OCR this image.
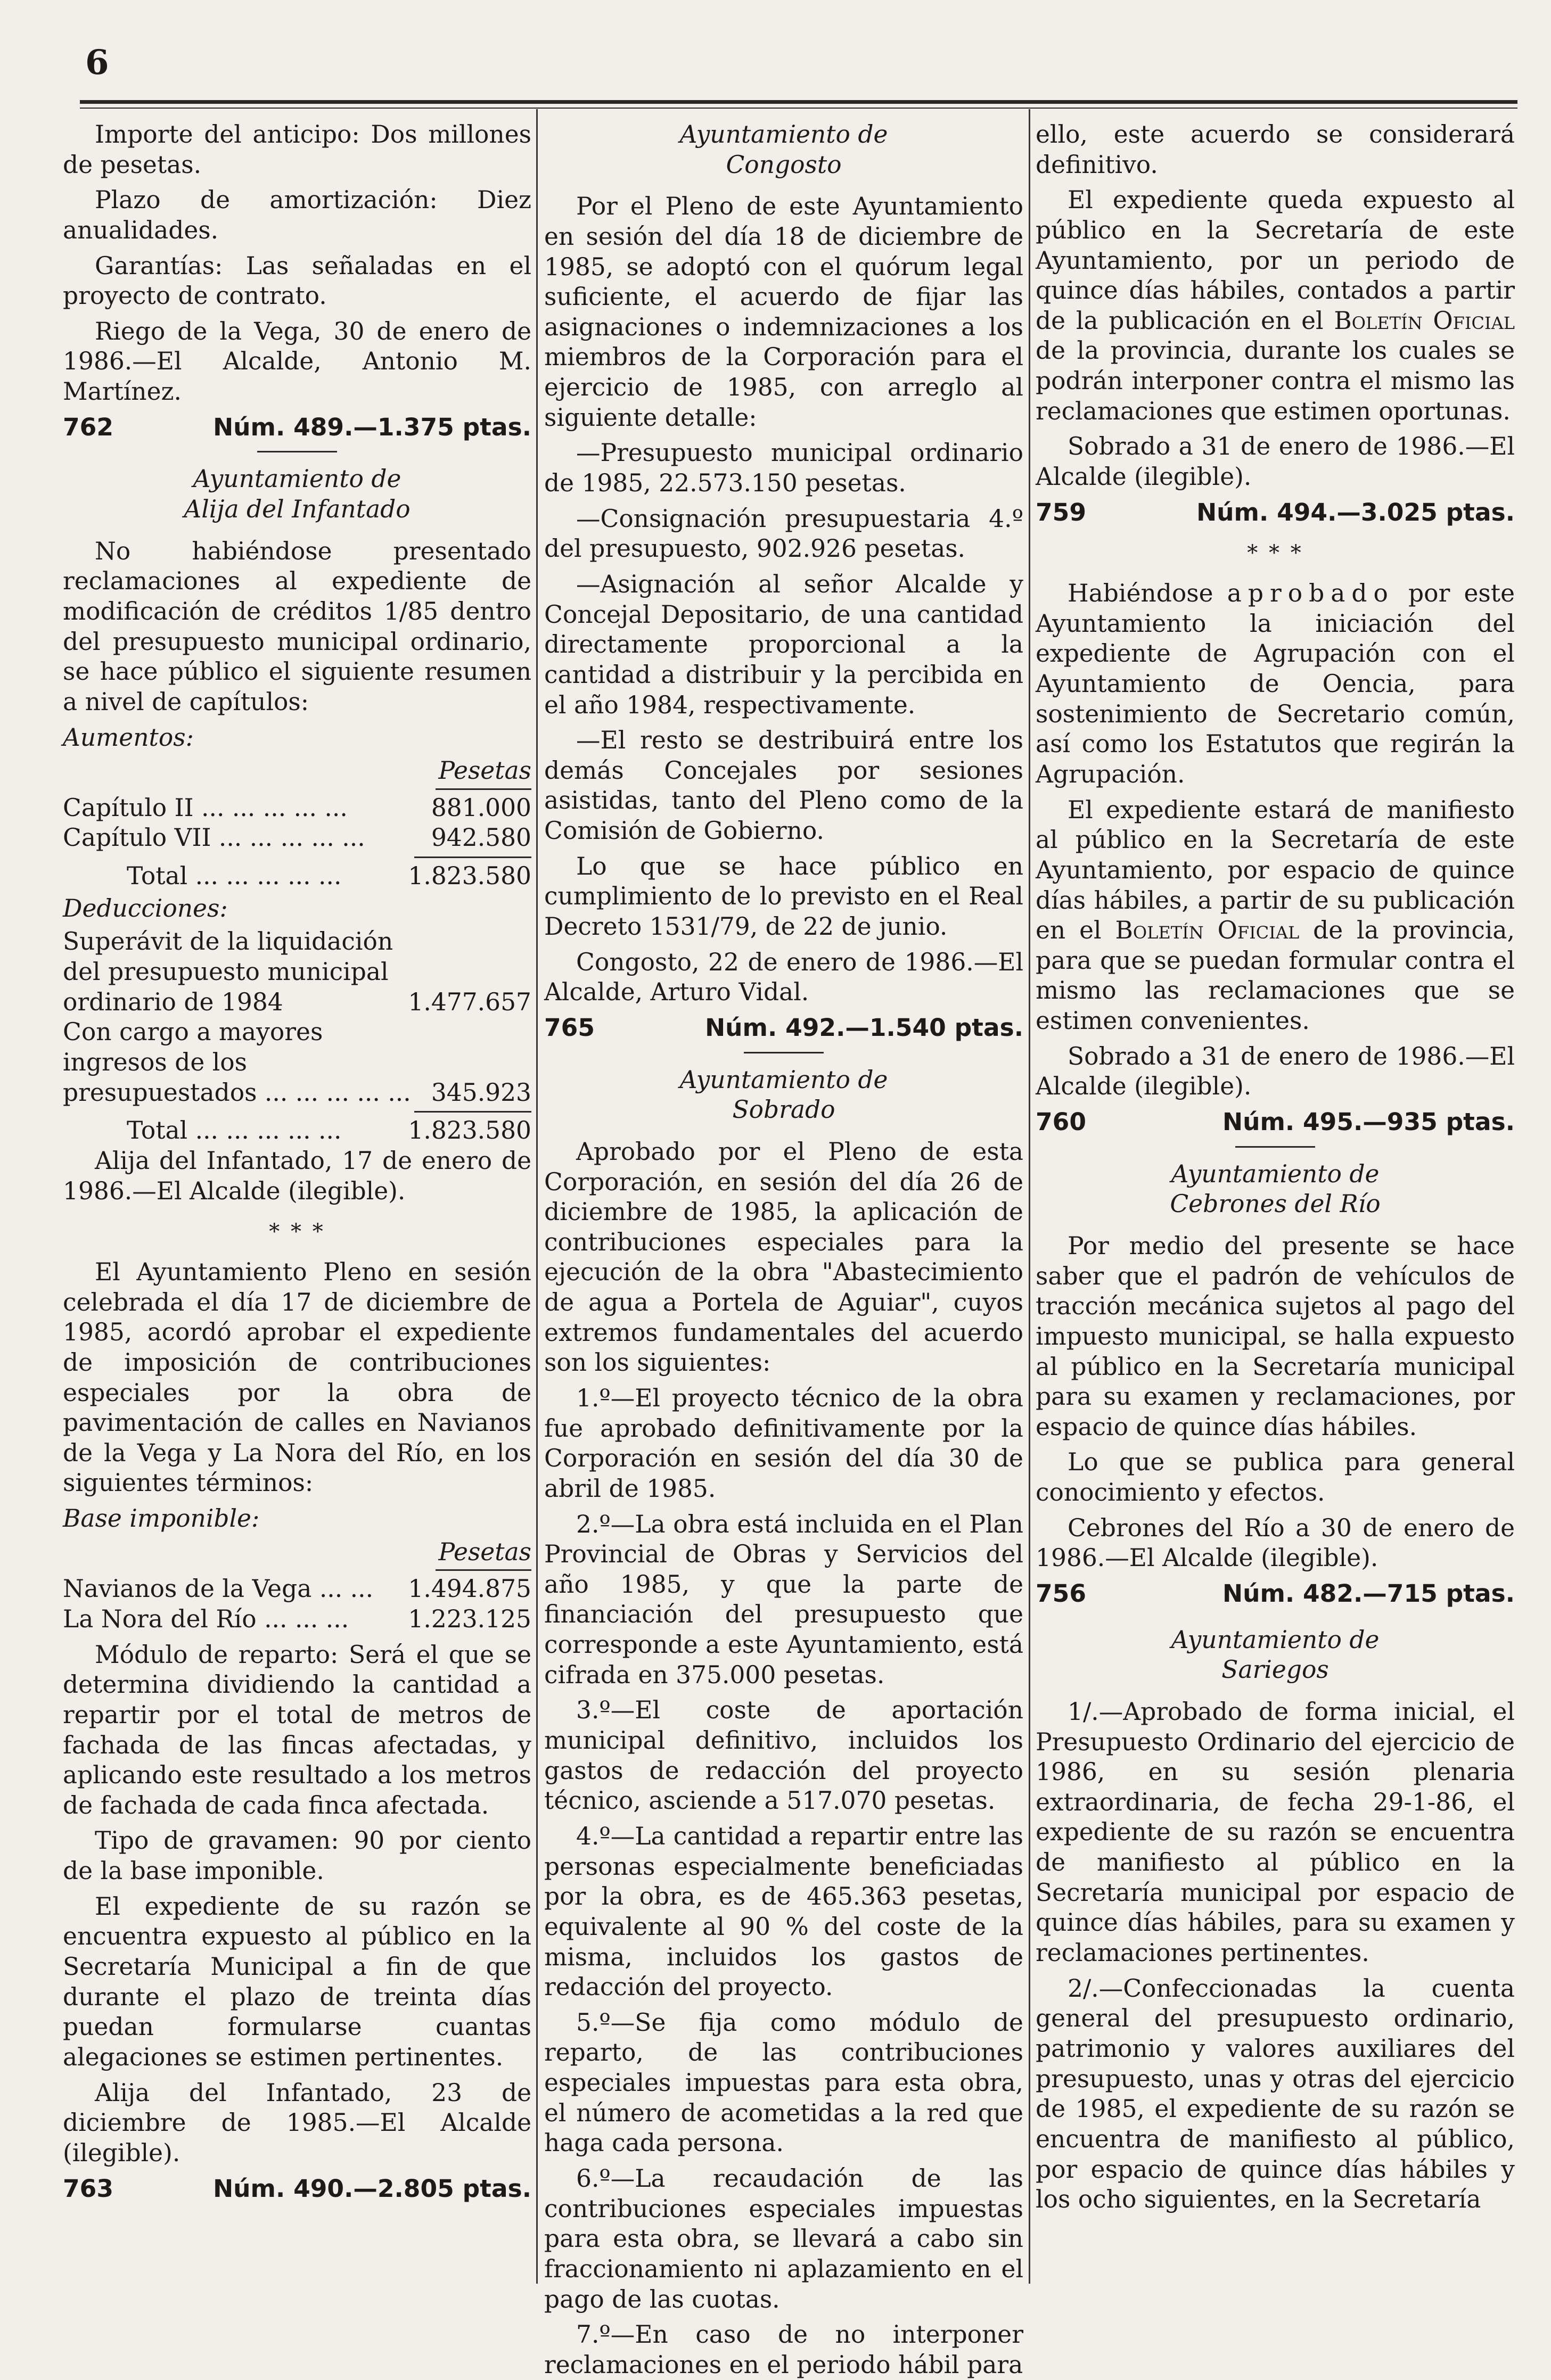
6

Importe del anticipo: Dos millones de pesetas.

Plazo de amortización: Diez anualidades.

Garantías: Las señaladas en el proyecto de contrato.

Riego de la Vega, 30 de enero de 1986.—El Alcalde, Antonio M. Martínez.

762	Núm. 489.—1.375 ptas.
Ayuntamiento de
Alija del Infantado

No habiéndose presentado reclamaciones al expediente de modificación de créditos 1/85 dentro del presupuesto municipal ordinario, se hace público el siguiente resumen a nivel de capítulos:

Aumentos:
Pesetas
Capítulo II ... ... ... ... ...	881.000
Capítulo VII ... ... ... ... ...	942.580
Total ... ... ... ... ...	1.823.580
Deducciones:
Superávit de la liquidación del presupuesto municipal ordinario de 1984	1.477.657
Con cargo a mayores ingresos de los presupuestados ... ... ... ... ... 345.923
Total ... ... ... ... ...	1.823.580

Alija del Infantado, 17 de enero de 1986.—El Alcalde (ilegible).

* * *

El Ayuntamiento Pleno en sesión celebrada el día 17 de diciembre de 1985, acordó aprobar el expediente de imposición de contribuciones especiales por la obra de pavimentación de calles en Navianos de la Vega y La Nora del Río, en los siguientes términos:

Base imponible:
Pesetas
Navianos de la Vega ... ...	1.494.875
La Nora del Río ... ... ...	1.223.125

Módulo de reparto: Será el que se determina dividiendo la cantidad a repartir por el total de metros de fachada de las fincas afectadas, y aplicando este resultado a los metros de fachada de cada finca afectada.

Tipo de gravamen: 90 por ciento de la base imponible.

El expediente de su razón se encuentra expuesto al público en la Secretaría Municipal a fin de que durante el plazo de treinta días puedan formularse cuantas alegaciones se estimen pertinentes.

Alija del Infantado, 23 de diciembre de 1985.—El Alcalde (ilegible).

763	Núm. 490.—2.805 ptas.
Ayuntamiento de
Congosto

Por el Pleno de este Ayuntamiento en sesión del día 18 de diciembre de 1985, se adoptó con el quórum legal suficiente, el acuerdo de fijar las asignaciones o indemnizaciones a los miembros de la Corporación para el ejercicio de 1985, con arreglo al siguiente detalle:

—Presupuesto municipal ordinario de 1985, 22.573.150 pesetas.

—Consignación presupuestaria 4.º del presupuesto, 902.926 pesetas.

—Asignación al señor Alcalde y Concejal Depositario, de una cantidad directamente proporcional a la cantidad a distribuir y la percibida en el año 1984, respectivamente.

—El resto se destribuirá entre los demás Concejales por sesiones asistidas, tanto del Pleno como de la Comisión de Gobierno.

Lo que se hace público en cumplimiento de lo previsto en el Real Decreto 1531/79, de 22 de junio.

Congosto, 22 de enero de 1986.—El Alcalde, Arturo Vidal.

765	Núm. 492.—1.540 ptas.
Ayuntamiento de
Sobrado

Aprobado por el Pleno de esta Corporación, en sesión del día 26 de diciembre de 1985, la aplicación de contribuciones especiales para la ejecución de la obra "Abastecimiento de agua a Portela de Aguiar", cuyos extremos fundamentales del acuerdo son los siguientes:

1.º—El proyecto técnico de la obra fue aprobado definitivamente por la Corporación en sesión del día 30 de abril de 1985.

2.º—La obra está incluida en el Plan Provincial de Obras y Servicios del año 1985, y que la parte de financiación del presupuesto que corresponde a este Ayuntamiento, está cifrada en 375.000 pesetas.

3.º—El coste de aportación municipal definitivo, incluidos los gastos de redacción del proyecto técnico, asciende a 517.070 pesetas.

4.º—La cantidad a repartir entre las personas especialmente beneficiadas por la obra, es de 465.363 pesetas, equivalente al 90 % del coste de la misma, incluidos los gastos de redacción del proyecto.

5.º—Se fija como módulo de reparto, de las contribuciones especiales impuestas para esta obra, el número de acometidas a la red que haga cada persona.

6.º—La recaudación de las contribuciones especiales impuestas para esta obra, se llevará a cabo sin fraccionamiento ni aplazamiento en el pago de las cuotas.

7.º—En caso de no interponer reclamaciones en el periodo hábil para

ello, este acuerdo se considerará definitivo.

El expediente queda expuesto al público en la Secretaría de este Ayuntamiento, por un periodo de quince días hábiles, contados a partir de la publicación en el Boletín Oficial de la provincia, durante los cuales se podrán interponer contra el mismo las reclamaciones que estimen oportunas.

Sobrado a 31 de enero de 1986.—El Alcalde (ilegible).

759	Núm. 494.—3.025 ptas.
* * *

Habiéndose aprobado por este Ayuntamiento la iniciación del expediente de Agrupación con el Ayuntamiento de Oencia, para sostenimiento de Secretario común, así como los Estatutos que regirán la Agrupación.

El expediente estará de manifiesto al público en la Secretaría de este Ayuntamiento, por espacio de quince días hábiles, a partir de su publicación en el Boletín Oficial de la provincia, para que se puedan formular contra el mismo las reclamaciones que se estimen convenientes.

Sobrado a 31 de enero de 1986.—El Alcalde (ilegible).

760	Núm. 495.—935 ptas.
Ayuntamiento de
Cebrones del Río

Por medio del presente se hace saber que el padrón de vehículos de tracción mecánica sujetos al pago del impuesto municipal, se halla expuesto al público en la Secretaría municipal para su examen y reclamaciones, por espacio de quince días hábiles.

Lo que se publica para general conocimiento y efectos.

Cebrones del Río a 30 de enero de 1986.—El Alcalde (ilegible).

756	Núm. 482.—715 ptas.
Ayuntamiento de
Sariegos

1/.—Aprobado de forma inicial, el Presupuesto Ordinario del ejercicio de 1986, en su sesión plenaria extraordinaria, de fecha 29-1-86, el expediente de su razón se encuentra de manifiesto al público en la Secretaría municipal por espacio de quince días hábiles, para su examen y reclamaciones pertinentes.

2/.—Confeccionadas la cuenta general del presupuesto ordinario, patrimonio y valores auxiliares del presupuesto, unas y otras del ejercicio de 1985, el expediente de su razón se encuentra de manifiesto al público, por espacio de quince días hábiles y los ocho siguientes, en la Secretaría
